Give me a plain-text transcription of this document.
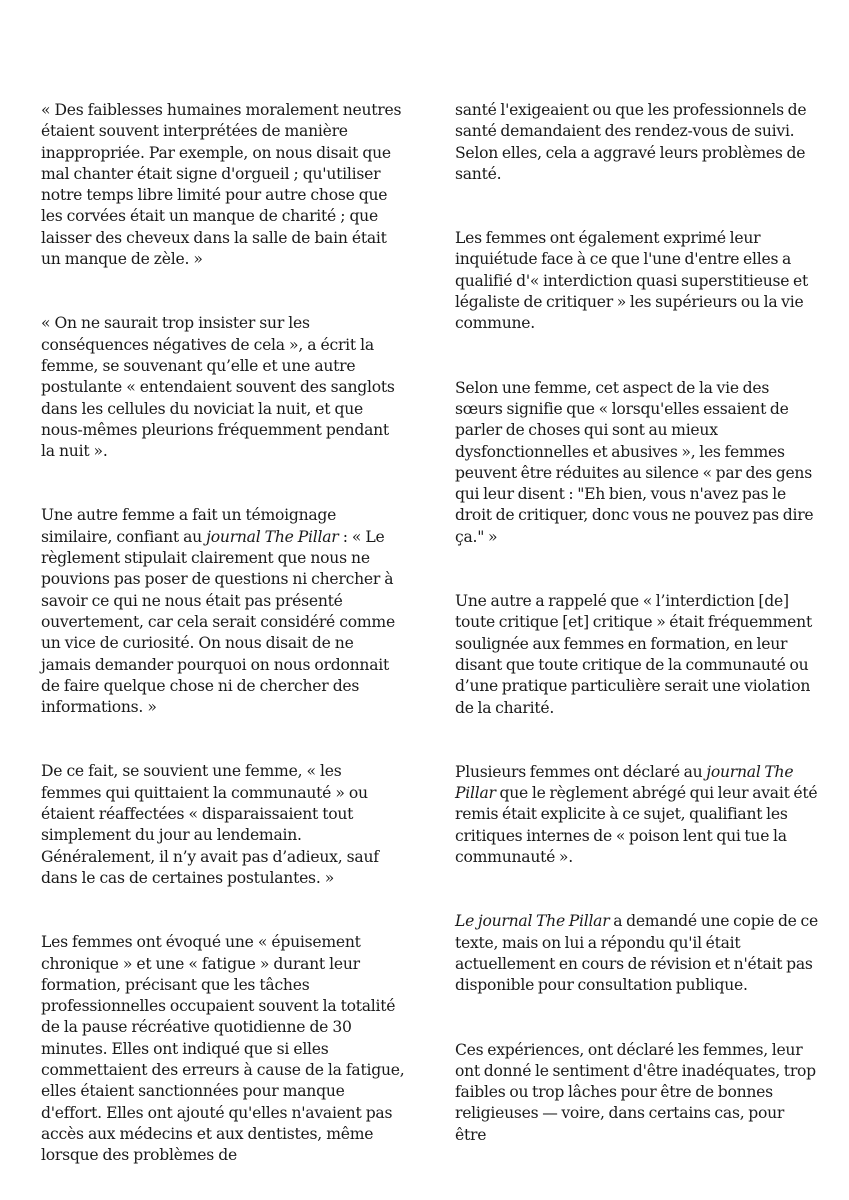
« Des faiblesses humaines moralement neutres étaient souvent interprétées de manière inappropriée. Par exemple, on nous disait que mal chanter était signe d'orgueil ; qu'utiliser notre temps libre limité pour autre chose que les corvées était un manque de charité ; que laisser des cheveux dans la salle de bain était un manque de zèle. »

« On ne saurait trop insister sur les conséquences négatives de cela », a écrit la femme, se souvenant qu’elle et une autre postulante « entendaient souvent des sanglots dans les cellules du noviciat la nuit, et que nous-mêmes pleurions fréquemment pendant la nuit ».

Une autre femme a fait un témoignage similaire, confiant au journal The Pillar : « Le règlement stipulait clairement que nous ne pouvions pas poser de questions ni chercher à savoir ce qui ne nous était pas présenté ouvertement, car cela serait considéré comme un vice de curiosité. On nous disait de ne jamais demander pourquoi on nous ordonnait de faire quelque chose ni de chercher des informations. »

De ce fait, se souvient une femme, « les femmes qui quittaient la communauté » ou étaient réaffectées « disparaissaient tout simplement du jour au lendemain. Généralement, il n’y avait pas d’adieux, sauf dans le cas de certaines postulantes. »

Les femmes ont évoqué une « épuisement chronique » et une « fatigue » durant leur formation, précisant que les tâches professionnelles occupaient souvent la totalité de la pause récréative quotidienne de 30 minutes. Elles ont indiqué que si elles commettaient des erreurs à cause de la fatigue, elles étaient sanctionnées pour manque d'effort. Elles ont ajouté qu'elles n'avaient pas accès aux médecins et aux dentistes, même lorsque des problèmes de

santé l'exigeaient ou que les professionnels de santé demandaient des rendez-vous de suivi. Selon elles, cela a aggravé leurs problèmes de santé.

Les femmes ont également exprimé leur inquiétude face à ce que l'une d'entre elles a qualifié d'« interdiction quasi superstitieuse et légaliste de critiquer » les supérieurs ou la vie commune.

Selon une femme, cet aspect de la vie des sœurs signifie que « lorsqu'elles essaient de parler de choses qui sont au mieux dysfonctionnelles et abusives », les femmes peuvent être réduites au silence « par des gens qui leur disent : "Eh bien, vous n'avez pas le droit de critiquer, donc vous ne pouvez pas dire ça." »

Une autre a rappelé que « l’interdiction [de] toute critique [et] critique » était fréquemment soulignée aux femmes en formation, en leur disant que toute critique de la communauté ou d’une pratique particulière serait une violation de la charité.

Plusieurs femmes ont déclaré au journal The Pillar que le règlement abrégé qui leur avait été remis était explicite à ce sujet, qualifiant les critiques internes de « poison lent qui tue la communauté ».

Le journal The Pillar a demandé une copie de ce texte, mais on lui a répondu qu'il était actuellement en cours de révision et n'était pas disponible pour consultation publique.

Ces expériences, ont déclaré les femmes, leur ont donné le sentiment d'être inadéquates, trop faibles ou trop lâches pour être de bonnes religieuses — voire, dans certains cas, pour être
